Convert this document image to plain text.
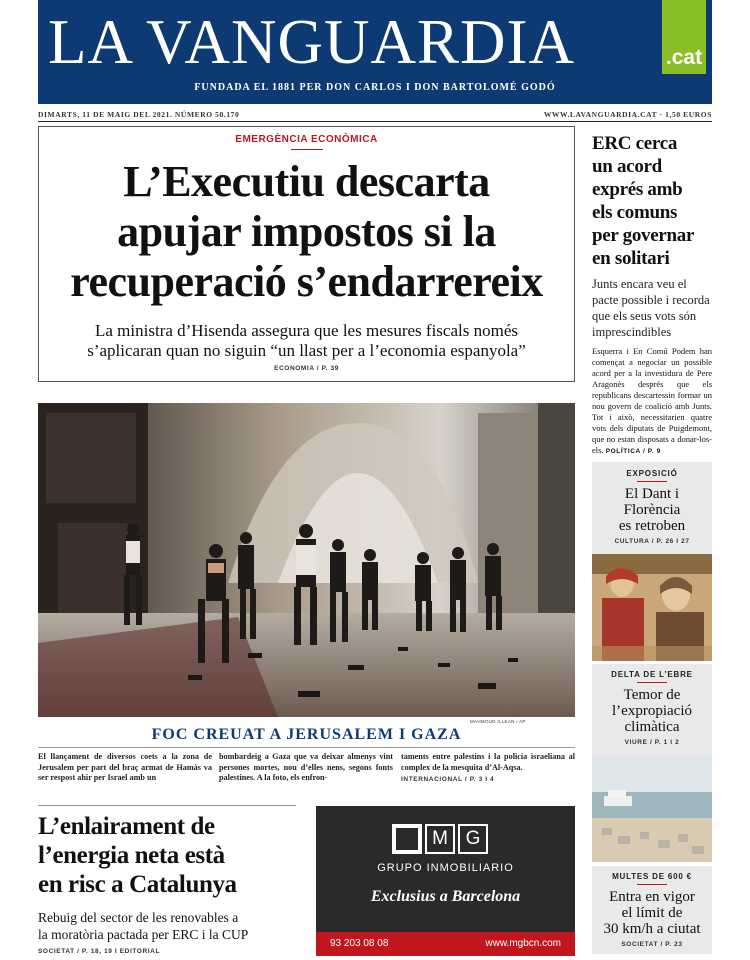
LA VANGUARDIA	.cat
FUNDADA EL 1881 PER DON CARLOS I DON BARTOLOMÉ GODÓ
DIMARTS, 11 DE MAIG DEL 2021. NÚMERO 50.170	WWW.LAVANGUARDIA.CAT · 1,50 EUROS
EMERGÈNCIA ECONÒMICA
L’Executiu descarta
apujar impostos si la
recuperació s’endarrereix
La ministra d’Hisenda assegura que les mesures fiscals només
s’aplicaran quan no siguin “un llast per a l’economia espanyola”
ECONOMIA / P. 39
ERC cerca
un acord
exprés amb
els comuns
per governar
en solitari
Junts encara veu el
pacte possible i recorda
que els seus vots són
imprescindibles
Esquerra i En Comú Podem han començat a negociar un possible acord per a la investidura de Pere Aragonès després que els republicans descartessin formar un nou govern de coalició amb Junts. Tot i això, necessitarien quatre vots dels diputats de Puigdemont, que no estan disposats a donar-los-els. POLÍTICA / P. 9
EXPOSICIÓ
El Dant i
Florència
es retroben
CULTURA / P. 26 I 27
DELTA DE L’EBRE
Temor de
l’expropiació
climàtica
VIURE / P. 1 I 2
MULTES DE 600 €
Entra en vigor
el límit de
30 km/h a ciutat
SOCIETAT / P. 23
MAHMOUD ILLEAN / AP
FOC CREUAT A JERUSALEM I GAZA
El llançament de diversos coets a la zona de Jerusalem per part del braç armat de Hamàs va ser respost ahir per Israel amb un
bombardeig a Gaza que va deixar almenys vint persones mortes, nou d’elles nens, segons fonts palestines. A la foto, els enfron-
taments entre palestins i la policia israeliana al complex de la mesquita d’Al-Aqsa.
INTERNACIONAL / P. 3 I 4
L’enlairament de
l’energia neta està
en risc a Catalunya
Rebuig del sector de les renovables a
la moratòria pactada per ERC i la CUP
SOCIETAT / P. 18, 19 I EDITORIAL
M G
GRUPO INMOBILIARIO
Exclusius a Barcelona
93 203 08 08	www.mgbcn.com
